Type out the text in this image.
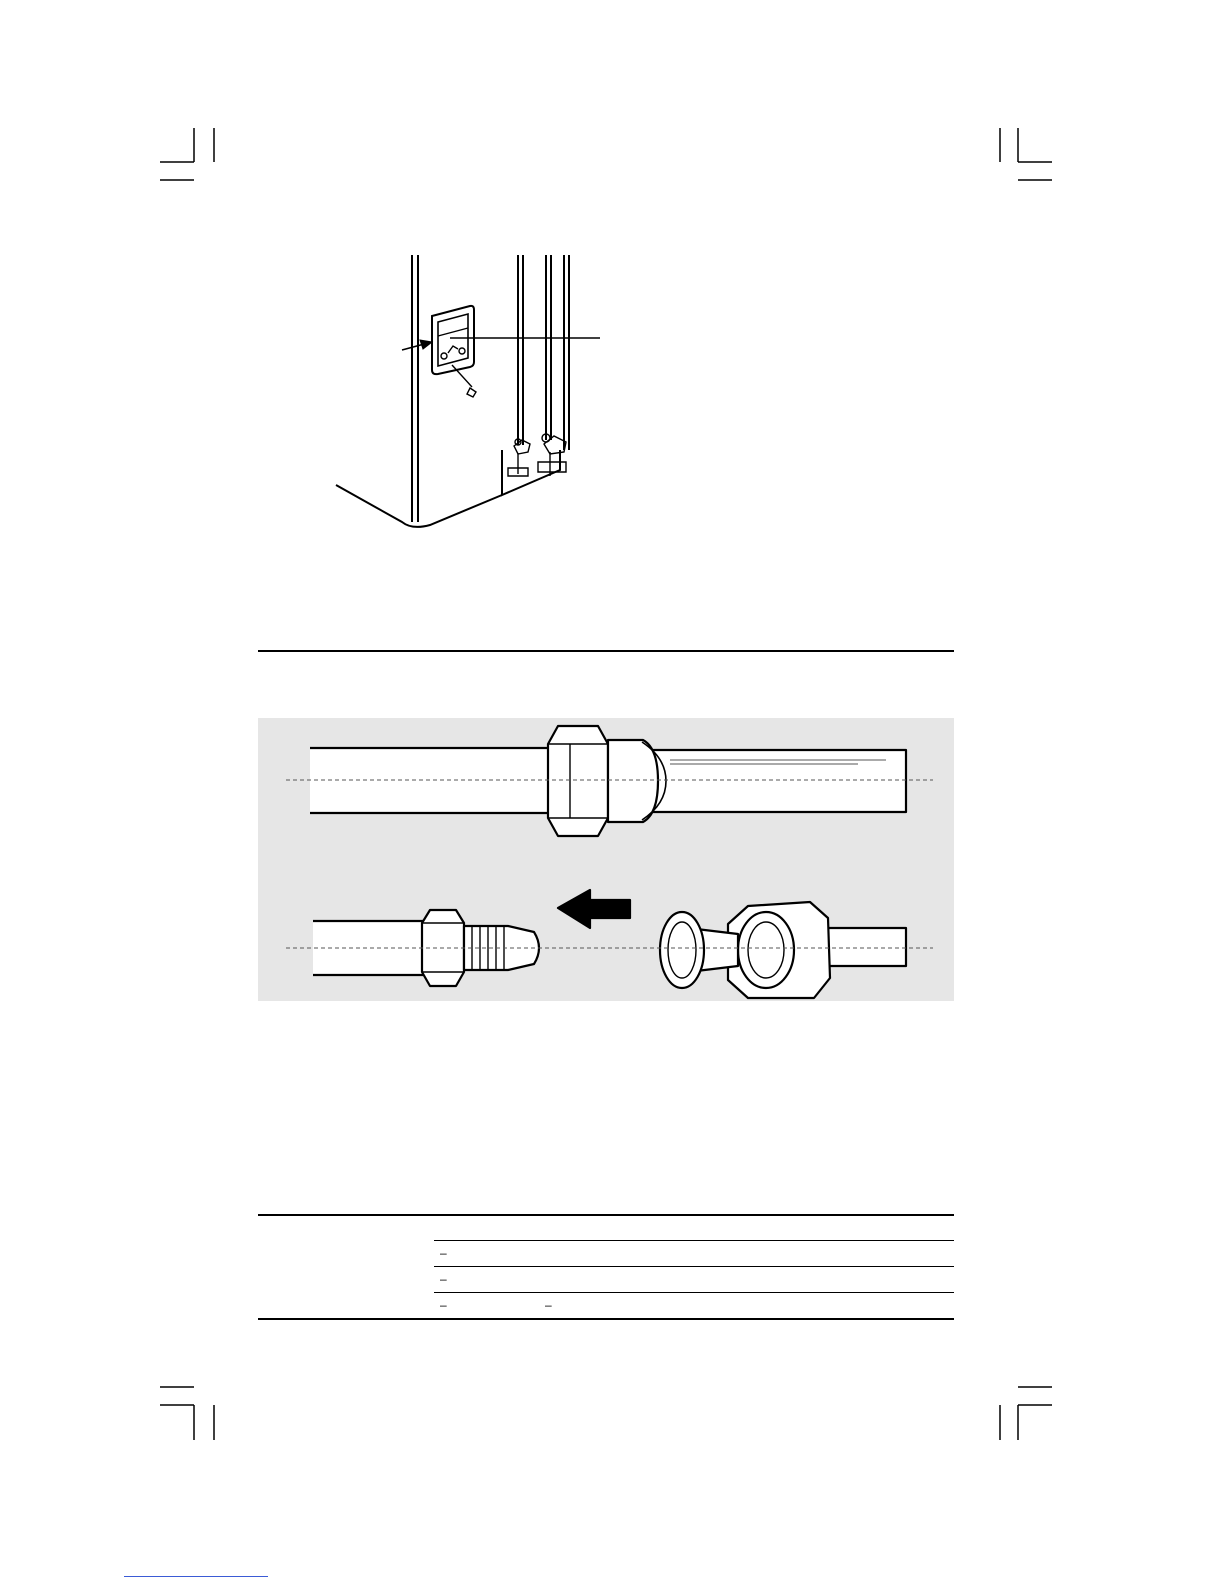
–
–
–	–
